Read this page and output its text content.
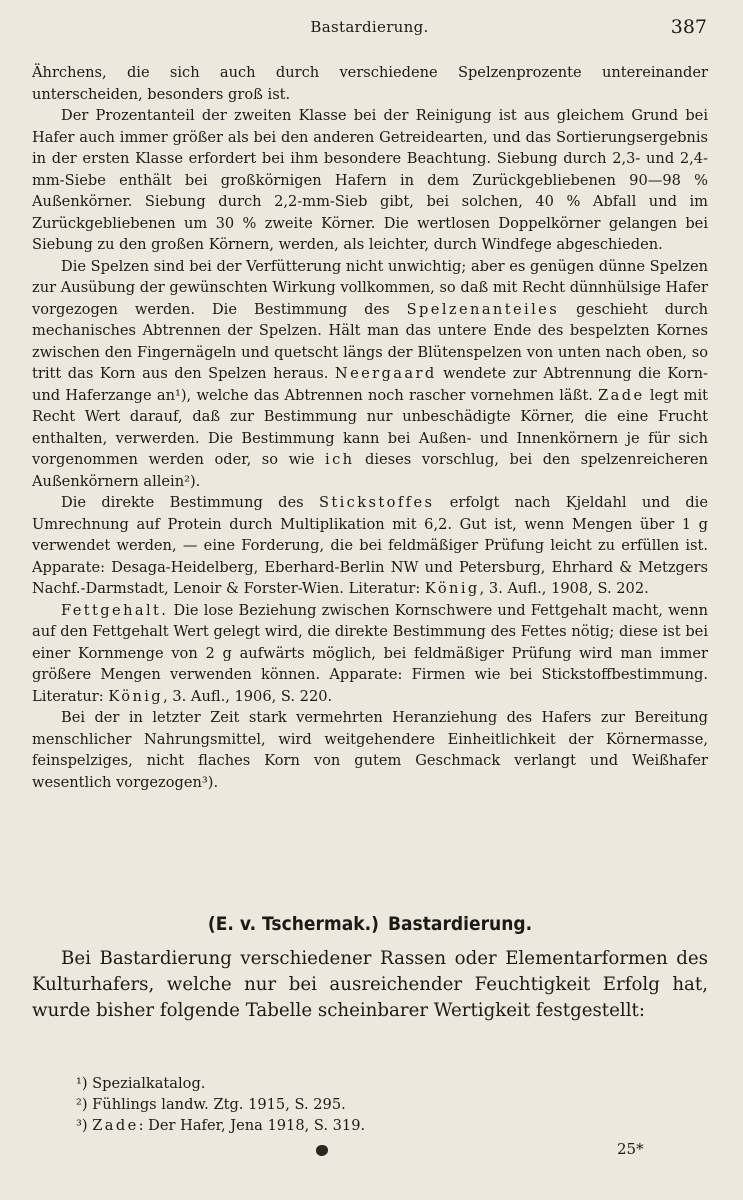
Bastardierung.	387

Ährchens, die sich auch durch verschiedene Spelzenprozente untereinander unterscheiden, besonders groß ist.

Der Prozentanteil der zweiten Klasse bei der Reinigung ist aus gleichem Grund bei Hafer auch immer größer als bei den anderen Getreidearten, und das Sortierungsergebnis in der ersten Klasse erfordert bei ihm besondere Beachtung. Siebung durch 2,3- und 2,4-mm-Siebe enthält bei großkörnigen Hafern in dem Zurückgebliebenen 90—98 % Außenkörner. Siebung durch 2,2-mm-Sieb gibt, bei solchen, 40 % Abfall und im Zurückgebliebenen um 30 % zweite Körner. Die wertlosen Doppelkörner gelangen bei Siebung zu den großen Körnern, werden, als leichter, durch Windfege abgeschieden.

Die Spelzen sind bei der Verfütterung nicht unwichtig; aber es genügen dünne Spelzen zur Ausübung der gewünschten Wirkung vollkommen, so daß mit Recht dünnhülsige Hafer vorgezogen werden. Die Bestimmung des Spelzenanteiles geschieht durch mechanisches Abtrennen der Spelzen. Hält man das untere Ende des bespelzten Kornes zwischen den Fingernägeln und quetscht längs der Blütenspelzen von unten nach oben, so tritt das Korn aus den Spelzen heraus. Neergaard wendete zur Abtrennung die Korn- und Haferzange an¹), welche das Abtrennen noch rascher vornehmen läßt. Zade legt mit Recht Wert darauf, daß zur Bestimmung nur unbeschädigte Körner, die eine Frucht enthalten, verwerden. Die Bestimmung kann bei Außen- und Innenkörnern je für sich vorgenommen werden oder, so wie ich dieses vorschlug, bei den spelzenreicheren Außenkörnern allein²).

Die direkte Bestimmung des Stickstoffes erfolgt nach Kjeldahl und die Umrechnung auf Protein durch Multiplikation mit 6,2. Gut ist, wenn Mengen über 1 g verwendet werden, — eine Forderung, die bei feldmäßiger Prüfung leicht zu erfüllen ist. Apparate: Desaga-Heidelberg, Eberhard-Berlin NW und Petersburg, Ehrhard & Metzgers Nachf.-Darmstadt, Lenoir & Forster-Wien. Literatur: König, 3. Aufl., 1908, S. 202.

Fettgehalt. Die lose Beziehung zwischen Kornschwere und Fettgehalt macht, wenn auf den Fettgehalt Wert gelegt wird, die direkte Bestimmung des Fettes nötig; diese ist bei einer Kornmenge von 2 g aufwärts möglich, bei feldmäßiger Prüfung wird man immer größere Mengen verwenden können. Apparate: Firmen wie bei Stickstoffbestimmung. Literatur: König, 3. Aufl., 1906, S. 220.

Bei der in letzter Zeit stark vermehrten Heranziehung des Hafers zur Bereitung menschlicher Nahrungsmittel, wird weitgehendere Einheitlichkeit der Körnermasse, feinspelziges, nicht flaches Korn von gutem Geschmack verlangt und Weißhafer wesentlich vorgezogen³).

(E. v. Tschermak.) Bastardierung.

Bei Bastardierung verschiedener Rassen oder Elementarformen des Kulturhafers, welche nur bei ausreichender Feuchtigkeit Erfolg hat, wurde bisher folgende Tabelle scheinbarer Wertigkeit festgestellt:

¹) Spezialkatalog.

²) Fühlings landw. Ztg. 1915, S. 295.

³) Zade: Der Hafer, Jena 1918, S. 319.

25*
